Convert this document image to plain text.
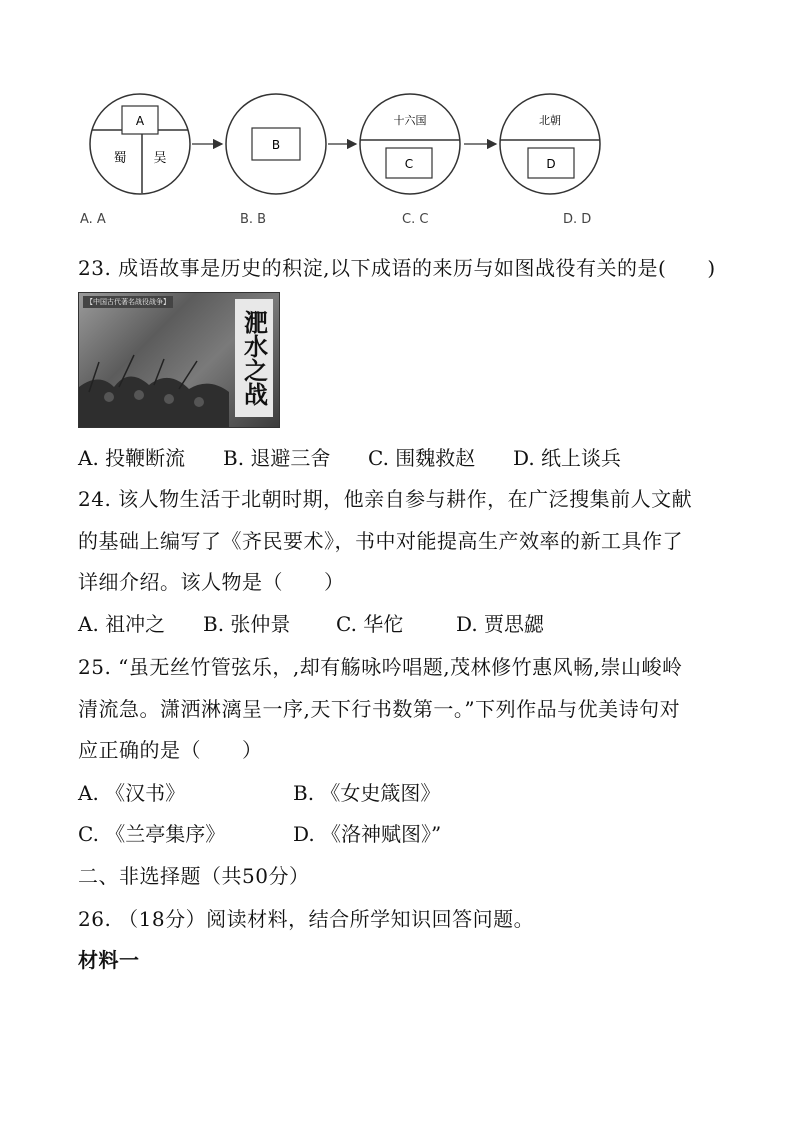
A
蜀 吴
B
十六国
C
北朝
D
A. A	B. B	C. C	D. D
23. 成语故事是历史的积淀,以下成语的来历与如图战役有关的是(　　)
【中国古代著名战役战争】
淝水之战
A. 投鞭断流 B. 退避三舍 C. 围魏救赵 D. 纸上谈兵
24. 该人物生活于北朝时期，他亲自参与耕作，在广泛搜集前人文献
的基础上编写了《齐民要术》，书中对能提高生产效率的新工具作了
详细介绍。该人物是（　　）
A. 祖冲之 B. 张仲景 C. 华佗	D. 贾思勰
25. “虽无丝竹管弦乐，,却有觞咏吟唱题,茂林修竹惠风畅,崇山峻岭
清流急。潇洒淋漓呈一序,天下行书数第一。”下列作品与优美诗句对
应正确的是（　　）
A. 《汉书》	B. 《女史箴图》
C. 《兰亭集序》	D. 《洛神赋图》”
二、非选择题（共50分）
26. （18分）阅读材料，结合所学知识回答问题。
材料一
